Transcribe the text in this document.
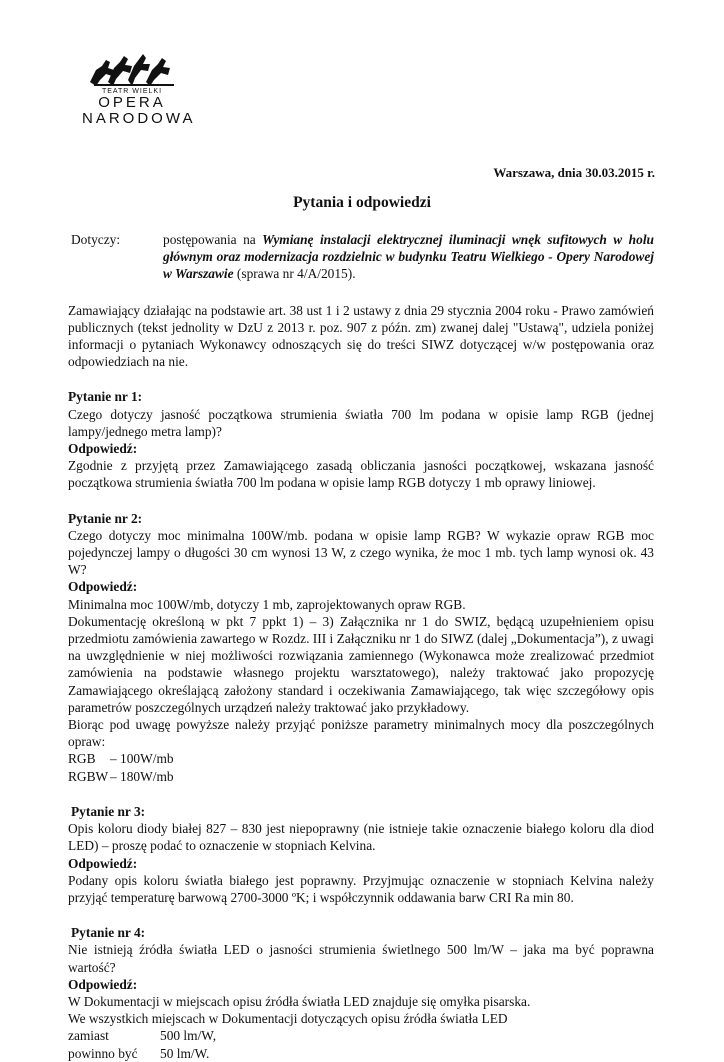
TEATR WIELKI
OPERA
NARODOWA
Warszawa, dnia 30.03.2015 r.
Pytania i odpowiedzi
Dotyczy:	postępowania na Wymianę instalacji elektrycznej iluminacji wnęk sufitowych w holu głównym oraz modernizacja rozdzielnic w budynku Teatru Wielkiego - Opery Narodowej w Warszawie (sprawa nr 4/A/2015).

Zamawiający działając na podstawie art. 38 ust 1 i 2 ustawy z dnia 29 stycznia 2004 roku - Prawo zamówień publicznych (tekst jednolity w DzU z 2013 r. poz. 907 z późn. zm) zwanej dalej "Ustawą", udziela poniżej informacji o pytaniach Wykonawcy odnoszących się do treści SIWZ dotyczącej w/w postępowania oraz odpowiedziach na nie.

Pytanie nr 1:

Czego dotyczy jasność początkowa strumienia światła 700 lm podana w opisie lamp RGB (jednej lampy/jednego metra lamp)?

Odpowiedź:

Zgodnie z przyjętą przez Zamawiającego zasadą obliczania jasności początkowej, wskazana jasność początkowa strumienia światła 700 lm podana w opisie lamp RGB dotyczy 1 mb oprawy liniowej.

Pytanie nr 2:

Czego dotyczy moc minimalna 100W/mb. podana w opisie lamp RGB? W wykazie opraw RGB moc pojedynczej lampy o długości 30 cm wynosi 13 W, z czego wynika, że moc 1 mb. tych lamp wynosi ok. 43 W?

Odpowiedź:

Minimalna moc 100W/mb, dotyczy 1 mb, zaprojektowanych opraw RGB.

Dokumentację określoną w pkt 7 ppkt 1) – 3) Załącznika nr 1 do SWIZ, będącą uzupełnieniem opisu przedmiotu zamówienia zawartego w Rozdz. III i Załączniku nr 1 do SIWZ (dalej „Dokumentacja”), z uwagi na uwzględnienie w niej możliwości rozwiązania zamiennego (Wykonawca może zrealizować przedmiot zamówienia na podstawie własnego projektu warsztatowego), należy traktować jako propozycję Zamawiającego określającą założony standard i oczekiwania Zamawiającego, tak więc szczegółowy opis parametrów poszczególnych urządzeń należy traktować jako przykładowy.

Biorąc pod uwagę powyższe należy przyjąć poniższe parametry minimalnych mocy dla poszczególnych opraw:

RGB	– 100W/mb
RGBW – 180W/mb
Pytanie nr 3:

Opis koloru diody białej 827 – 830 jest niepoprawny (nie istnieje takie oznaczenie białego koloru dla diod LED) – proszę podać to oznaczenie w stopniach Kelvina.

Odpowiedź:

Podany opis koloru światła białego jest poprawny. Przyjmując oznaczenie w stopniach Kelvina należy przyjąć temperaturę barwową 2700-3000 ºK; i współczynnik oddawania barw CRI Ra min 80.

Pytanie nr 4:

Nie istnieją źródła światła LED o jasności strumienia świetlnego 500 lm/W – jaka ma być poprawna wartość?

Odpowiedź:

W Dokumentacji w miejscach opisu źródła światła LED znajduje się omyłka pisarska.

We wszystkich miejscach w Dokumentacji dotyczących opisu źródła światła LED

zamiast	500 lm/W,
powinno być	50 lm/W.
